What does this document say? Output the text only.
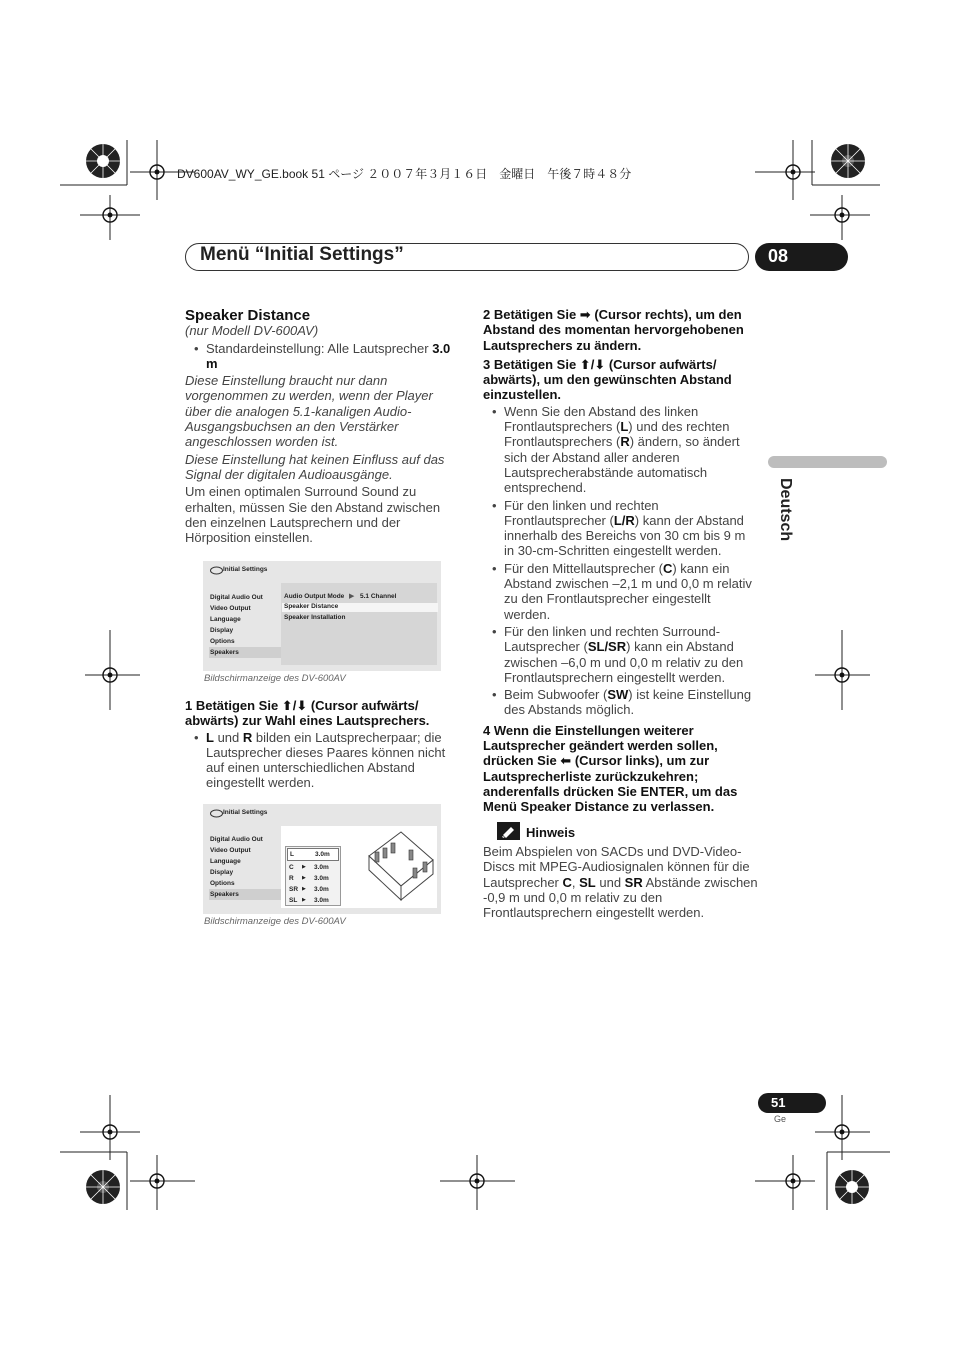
DV600AV_WY_GE.book 51 ページ ２００７年３月１６日　金曜日　午後７時４８分
Menü “Initial Settings”	08
Deutsch

Speaker Distance

(nur Modell DV-600AV)

• Standardeinstellung: Alle Lautsprecher 3.0 m

Diese Einstellung braucht nur dann vorgenommen zu werden, wenn der Player über die analogen 5.1-kanaligen Audio-Ausgangsbuchsen an den Verstärker angeschlossen worden ist.

Diese Einstellung hat keinen Einfluss auf das Signal der digitalen Audioausgänge.

Um einen optimalen Surround Sound zu erhalten, müssen Sie den Abstand zwischen den einzelnen Lautsprechern und der Hörposition einstellen.

Initial Settings
Digital Audio Out
Video Output
Language
Display
Options
Speakers
Audio Output Mode ▶ 5.1 Channel
Speaker Distance
Speaker Installation
Bildschirmanzeige des DV-600AV

1 Betätigen Sie ⬆/⬇ (Cursor aufwärts/ abwärts) zur Wahl eines Lautsprechers.

• L und R bilden ein Lautsprecherpaar; die Lautsprecher dieses Paares können nicht auf einen unterschiedlichen Abstand eingestellt werden.

Initial Settings
Digital Audio Out
Video Output
Language
Display
Options
Speakers
L	3.0m
C ▶ 3.0m
R ▶ 3.0m
SR ▶ 3.0m
SL ▶ 3.0m
Bildschirmanzeige des DV-600AV

2 Betätigen Sie ➡ (Cursor rechts), um den Abstand des momentan hervorgehobenen Lautsprechers zu ändern.

3 Betätigen Sie ⬆/⬇ (Cursor aufwärts/ abwärts), um den gewünschten Abstand einzustellen.

• Wenn Sie den Abstand des linken Frontlautsprechers (L) und des rechten Frontlautsprechers (R) ändern, so ändert sich der Abstand aller anderen Lautsprecherabstände automatisch entsprechend.

• Für den linken und rechten Frontlautsprecher (L/R) kann der Abstand innerhalb des Bereichs von 30 cm bis 9 m in 30-cm-Schritten eingestellt werden.

• Für den Mittellautsprecher (C) kann ein Abstand zwischen –2,1 m und 0,0 m relativ zu den Frontlautsprecher eingestellt werden.

• Für den linken und rechten Surround-Lautsprecher (SL/SR) kann ein Abstand zwischen –6,0 m und 0,0 m relativ zu den Frontlautsprechern eingestellt werden.

• Beim Subwoofer (SW) ist keine Einstellung des Abstands möglich.

4 Wenn die Einstellungen weiterer Lautsprecher geändert werden sollen, drücken Sie ⬅ (Cursor links), um zur Lautsprecherliste zurückzukehren; anderenfalls drücken Sie ENTER, um das Menü Speaker Distance zu verlassen.

Hinweis

Beim Abspielen von SACDs und DVD-Video-Discs mit MPEG-Audiosignalen können für die Lautsprecher C, SL und SR Abstände zwischen -0,9 m und 0,0 m relativ zu den Frontlautsprechern eingestellt werden.

51
Ge
